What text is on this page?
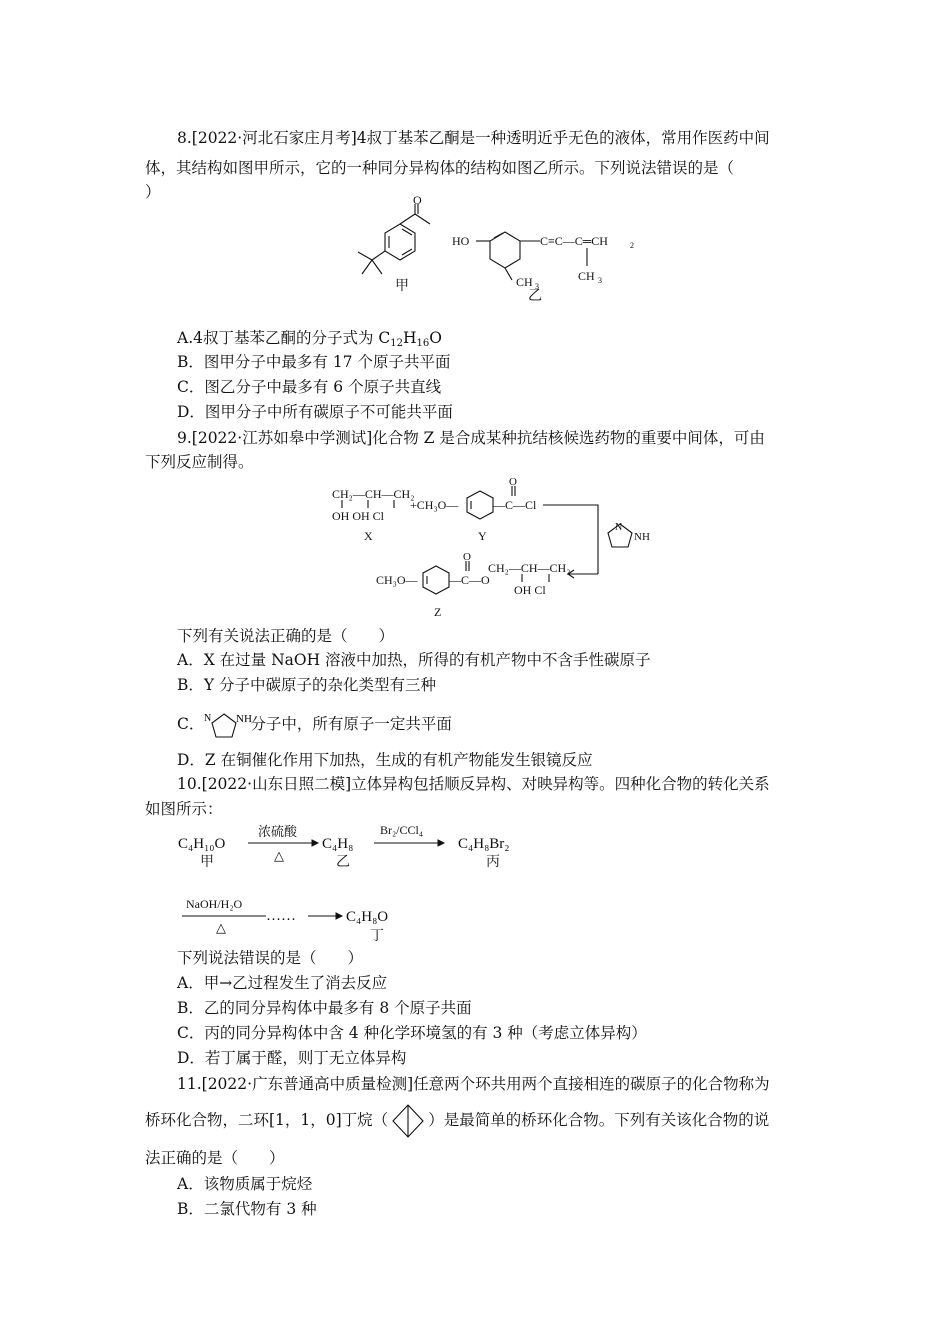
8.[2022·河北石家庄月考]4叔丁基苯乙酮是一种透明近乎无色的液体，常用作医药中间
体，其结构如图甲所示，它的一种同分异构体的结构如图乙所示。下列说法错误的是（
）	O
甲
HO	C≡C—C═CH	2
CH 3
CH 3
乙
A.4叔丁基苯乙酮的分子式为 $C_{12}H_{16}O$
B．图甲分子中最多有 17 个原子共平面
C．图乙分子中最多有 6 个原子共直线
D．图甲分子中所有碳原子不可能共平面
9.[2022·江苏如皋中学测试]化合物 Z 是合成某种抗结核候选药物的重要中间体，可由
下列反应制得。
CH₂—CH—CH₂
OH OH Cl
+CH₃O—	—C—Cl
O
X	Y
N
NH
CH₃O—	—C—O
O
CH₂—CH—CH₂
OH Cl
Z
下列有关说法正确的是（　　）
A．X 在过量 NaOH 溶液中加热，所得的有机产物中不含手性碳原子
B．Y 分子中碳原子的杂化类型有三种
C． N NH
分子中，所有原子一定共平面
D．Z 在铜催化作用下加热，生成的有机产物能发生银镜反应
10.[2022·山东日照二模]立体异构包括顺反异构、对映异构等。四种化合物的转化关系
如图所示：
C₄H₁₀O
甲
浓硫酸
△
C₄H₈
乙
Br₂/CCl₄
C₄H₈Br₂
丙
NaOH/H₂O
△
……	C₄H₈O
丁
下列说法错误的是（　　）
A．甲→乙过程发生了消去反应
B．乙的同分异构体中最多有 8 个原子共面
C．丙的同分异构体中含 4 种化学环境氢的有 3 种（考虑立体异构）
D．若丁属于醛，则丁无立体异构
11.[2022·广东普通高中质量检测]任意两个环共用两个直接相连的碳原子的化合物称为
桥环化合物，二环[1，1，0]丁烷（	）是最简单的桥环化合物。下列有关该化合物的说
法正确的是（　　）
A．该物质属于烷烃
B．二氯代物有 3 种
